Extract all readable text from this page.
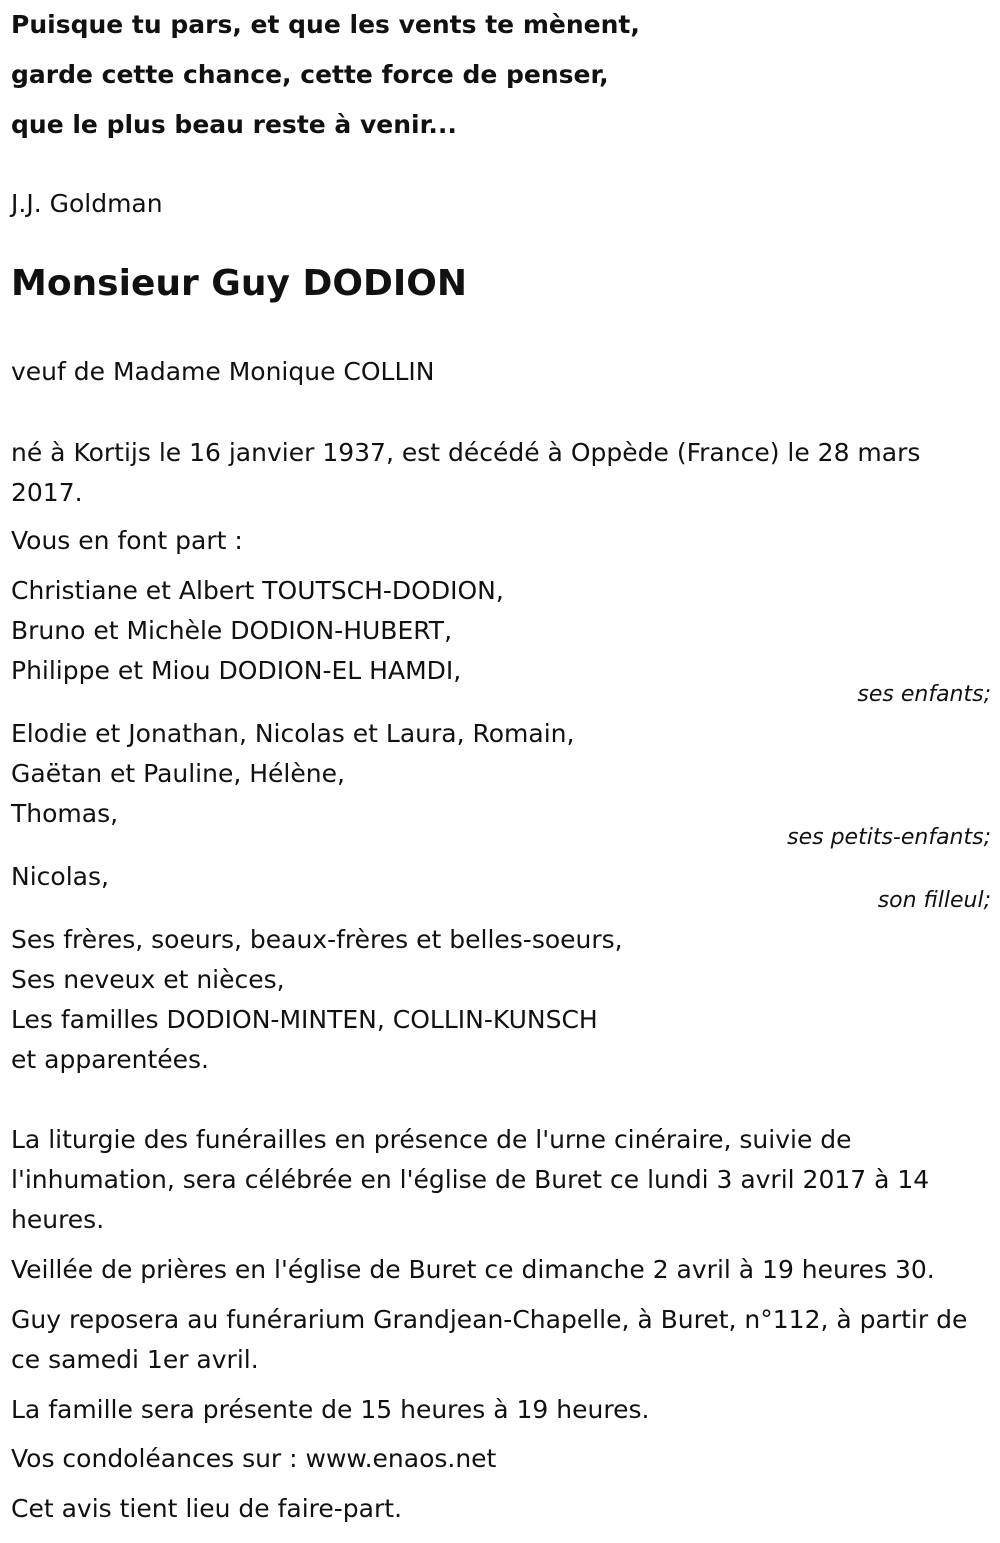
Puisque tu pars, et que les vents te mènent,
garde cette chance, cette force de penser,
que le plus beau reste à venir...
J.J. Goldman
Monsieur Guy DODION
veuf de Madame Monique COLLIN
né à Kortijs le 16 janvier 1937, est décédé à Oppède (France) le 28 mars 2017.
Vous en font part :
Christiane et Albert TOUTSCH-DODION,
Bruno et Michèle DODION-HUBERT,
Philippe et Miou DODION-EL HAMDI,
ses enfants;
Elodie et Jonathan, Nicolas et Laura, Romain,
Gaëtan et Pauline, Hélène,
Thomas,
ses petits-enfants;
Nicolas,
son filleul;
Ses frères, soeurs, beaux-frères et belles-soeurs,
Ses neveux et nièces,
Les familles DODION-MINTEN, COLLIN-KUNSCH
et apparentées.
La liturgie des funérailles en présence de l'urne cinéraire, suivie de l'inhumation, sera célébrée en l'église de Buret ce lundi 3 avril 2017 à 14 heures.
Veillée de prières en l'église de Buret ce dimanche 2 avril à 19 heures 30.
Guy reposera au funérarium Grandjean-Chapelle, à Buret, n°112, à partir de ce samedi 1er avril.
La famille sera présente de 15 heures à 19 heures.
Vos condoléances sur : www.enaos.net
Cet avis tient lieu de faire-part.
